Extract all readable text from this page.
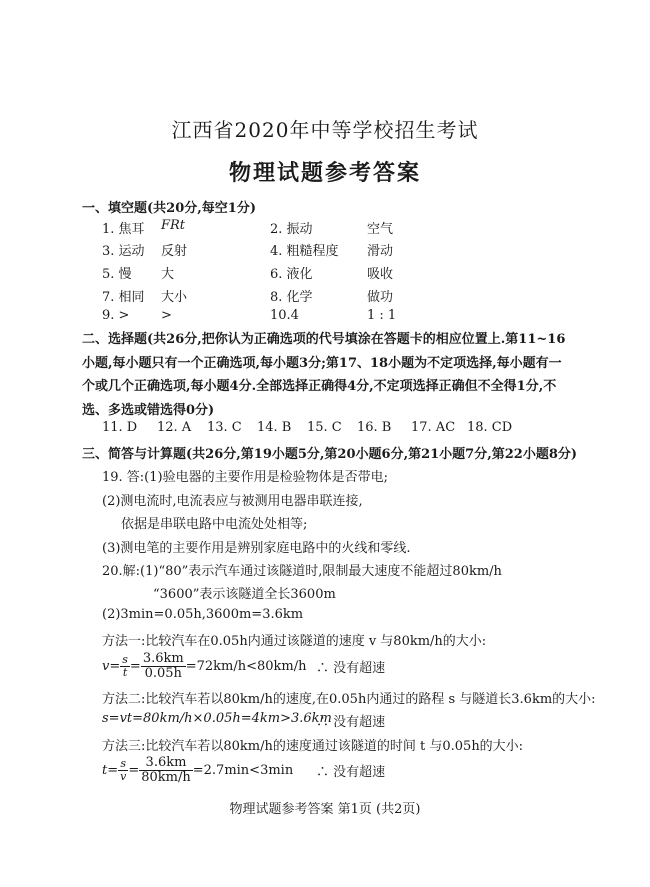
江西省2020年中等学校招生考试
物理试题参考答案
一、填空题(共20分,每空1分)
1. 焦耳 FRt	2. 振动	空气
3. 运动 反射	4. 粗糙程度 滑动
5. 慢 大	6. 液化	吸收
7. 相同 大小	8. 化学	做功
9. > >	10.4	1 : 1
二、选择题(共26分,把你认为正确选项的代号填涂在答题卡的相应位置上.第11~16小题,每小题只有一个正确选项,每小题3分;第17、18小题为不定项选择,每小题有一个或几个正确选项,每小题4分.全部选择正确得4分,不定项选择正确但不全得1分,不选、多选或错选得0分)
11. D 12. A 13. C 14. B 15. C 16. B 17. AC 18. CD
三、简答与计算题(共26分,第19小题5分,第20小题6分,第21小题7分,第22小题8分)
19. 答:(1)验电器的主要作用是检验物体是否带电;
(2)测电流时,电流表应与被测用电器串联连接,
依据是串联电路中电流处处相等;
(3)测电笔的主要作用是辨别家庭电路中的火线和零线.
20.解:(1)“80”表示汽车通过该隧道时,限制最大速度不能超过80km/h
“3600”表示该隧道全长3600m
(2)3min=0.05h,3600m=3.6km
方法一:比较汽车在0.05h内通过该隧道的速度 v 与80km/h的大小:
$v= \frac{s}{t} = \frac{3.6km}{0.05h} =72km/h<80km/h$ ∴ 没有超速
方法二:比较汽车若以80km/h的速度,在0.05h内通过的路程 s 与隧道长3.6km的大小:
s=vt=80km/h×0.05h=4km>3.6km
∴ 没有超速
方法三:比较汽车若以80km/h的速度通过该隧道的时间 t 与0.05h的大小:
$t= \frac{s}{v} = \frac{3.6km}{80km/h} =2.7\min<3\min$ ∴ 没有超速
物理试题参考答案 第1页 (共2页)
